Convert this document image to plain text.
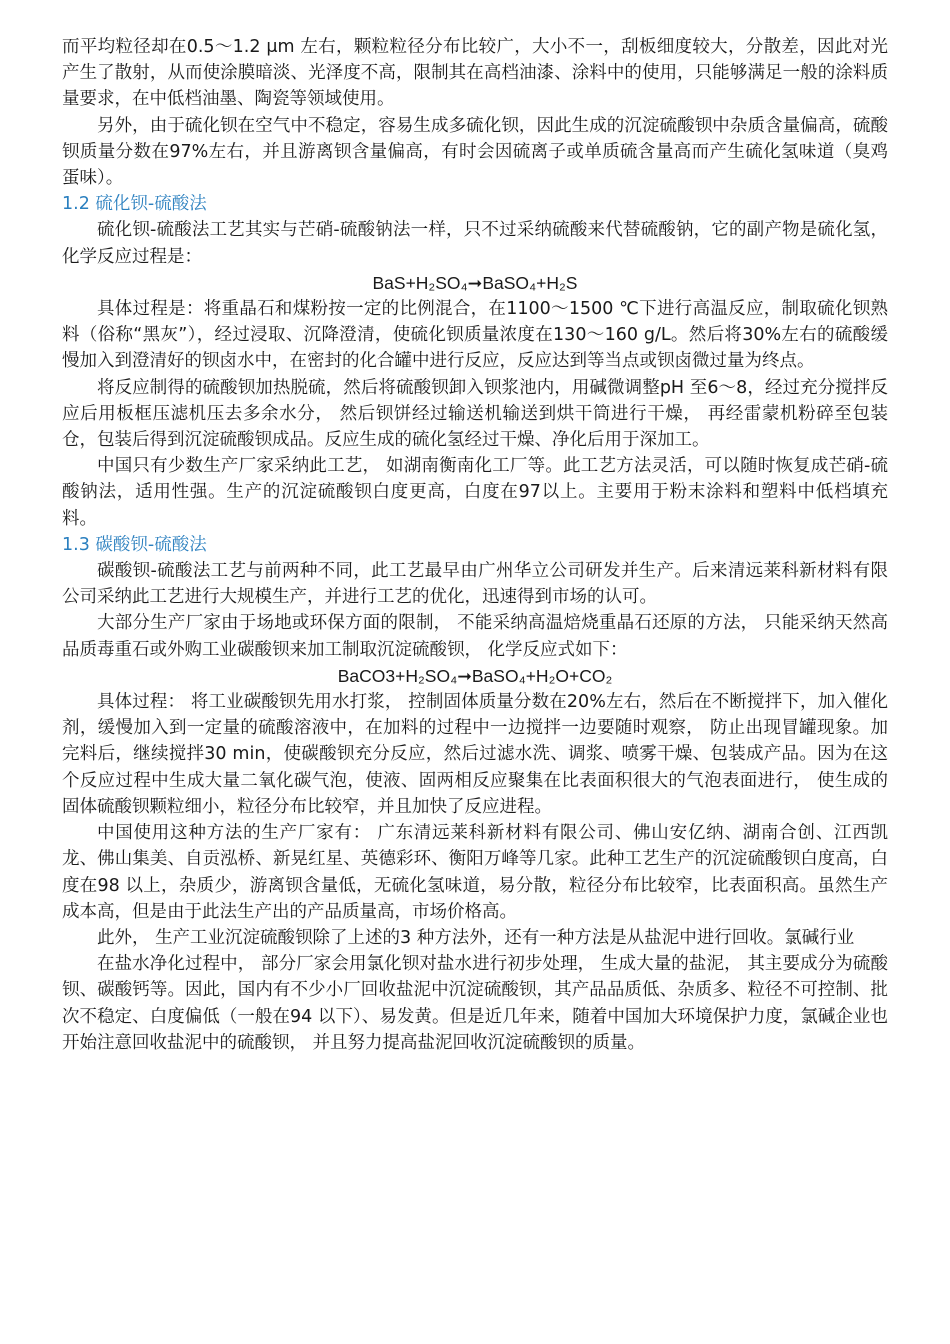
而平均粒径却在0.5～1.2 μm 左右，颗粒粒径分布比较广，大小不一，刮板细度较大，分散差，因此对光产生了散射，从而使涂膜暗淡、光泽度不高，限制其在高档油漆、涂料中的使用，只能够满足一般的涂料质量要求，在中低档油墨、陶瓷等领域使用。

另外，由于硫化钡在空气中不稳定，容易生成多硫化钡，因此生成的沉淀硫酸钡中杂质含量偏高，硫酸钡质量分数在97%左右，并且游离钡含量偏高，有时会因硫离子或单质硫含量高而产生硫化氢味道（臭鸡蛋味）。

1.2 硫化钡-硫酸法

硫化钡-硫酸法工艺其实与芒硝-硫酸钠法一样，只不过采纳硫酸来代替硫酸钠，它的副产物是硫化氢，化学反应过程是：

BaS+H₂SO₄➞BaSO₄+H₂S

具体过程是：将重晶石和煤粉按一定的比例混合，在1100～1500 ℃下进行高温反应，制取硫化钡熟料（俗称“黑灰”），经过浸取、沉降澄清，使硫化钡质量浓度在130～160 g/L。然后将30%左右的硫酸缓慢加入到澄清好的钡卤水中，在密封的化合罐中进行反应，反应达到等当点或钡卤微过量为终点。

将反应制得的硫酸钡加热脱硫，然后将硫酸钡卸入钡浆池内，用碱微调整pH 至6～8，经过充分搅拌反应后用板框压滤机压去多余水分， 然后钡饼经过输送机输送到烘干筒进行干燥， 再经雷蒙机粉碎至包装仓，包装后得到沉淀硫酸钡成品。反应生成的硫化氢经过干燥、净化后用于深加工。

中国只有少数生产厂家采纳此工艺， 如湖南衡南化工厂等。此工艺方法灵活，可以随时恢复成芒硝-硫酸钠法，适用性强。生产的沉淀硫酸钡白度更高，白度在97以上。主要用于粉末涂料和塑料中低档填充料。

1.3 碳酸钡-硫酸法

碳酸钡-硫酸法工艺与前两种不同，此工艺最早由广州华立公司研发并生产。后来清远莱科新材料有限公司采纳此工艺进行大规模生产，并进行工艺的优化，迅速得到市场的认可。

大部分生产厂家由于场地或环保方面的限制， 不能采纳高温焙烧重晶石还原的方法， 只能采纳天然高品质毒重石或外购工业碳酸钡来加工制取沉淀硫酸钡， 化学反应式如下：

BaCO3+H₂SO₄➞BaSO₄+H₂O+CO₂

具体过程： 将工业碳酸钡先用水打浆， 控制固体质量分数在20%左右，然后在不断搅拌下，加入催化剂，缓慢加入到一定量的硫酸溶液中，在加料的过程中一边搅拌一边要随时观察， 防止出现冒罐现象。加完料后，继续搅拌30 min，使碳酸钡充分反应，然后过滤水洗、调浆、喷雾干燥、包装成产品。因为在这个反应过程中生成大量二氧化碳气泡，使液、固两相反应聚集在比表面积很大的气泡表面进行， 使生成的固体硫酸钡颗粒细小，粒径分布比较窄，并且加快了反应进程。

中国使用这种方法的生产厂家有： 广东清远莱科新材料有限公司、佛山安亿纳、湖南合创、江西凯龙、佛山集美、自贡泓桥、新晃红星、英德彩环、衡阳万峰等几家。此种工艺生产的沉淀硫酸钡白度高，白度在98 以上，杂质少，游离钡含量低，无硫化氢味道，易分散，粒径分布比较窄，比表面积高。虽然生产成本高，但是由于此法生产出的产品质量高，市场价格高。

此外， 生产工业沉淀硫酸钡除了上述的3 种方法外，还有一种方法是从盐泥中进行回收。氯碱行业

在盐水净化过程中， 部分厂家会用氯化钡对盐水进行初步处理， 生成大量的盐泥， 其主要成分为硫酸钡、碳酸钙等。因此，国内有不少小厂回收盐泥中沉淀硫酸钡，其产品品质低、杂质多、粒径不可控制、批次不稳定、白度偏低（一般在94 以下）、易发黄。但是近几年来，随着中国加大环境保护力度，氯碱企业也开始注意回收盐泥中的硫酸钡， 并且努力提高盐泥回收沉淀硫酸钡的质量。
